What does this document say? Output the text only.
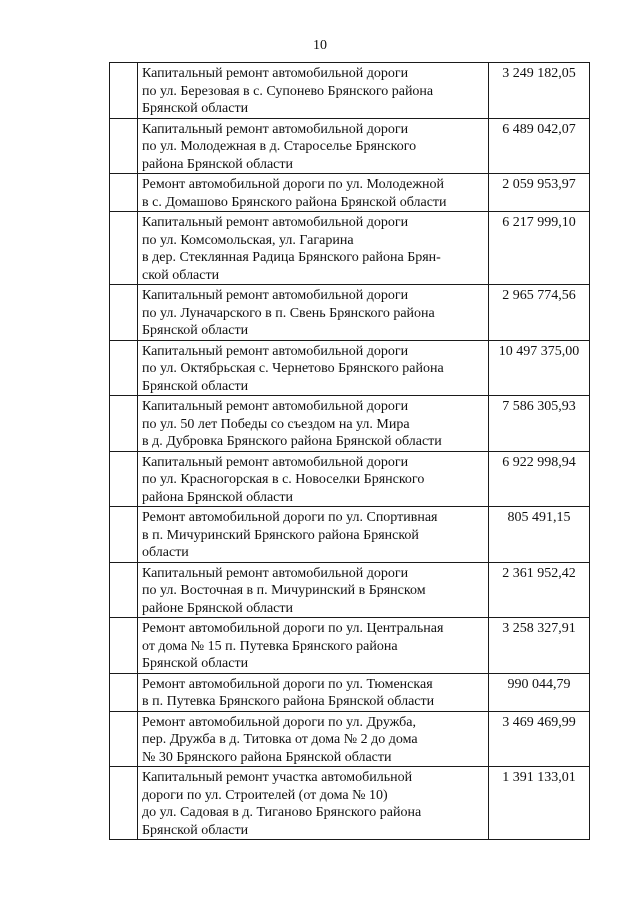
10

	Капитальный ремонт автомобильной дороги
по ул. Березовая в с. Супонево Брянского района
Брянской области	3 249 182,05

	Капитальный ремонт автомобильной дороги
по ул. Молодежная в д. Староселье Брянского
района Брянской области	6 489 042,07

	Ремонт автомобильной дороги по ул. Молодежной
в с. Домашово Брянского района Брянской области	2 059 953,97

	Капитальный ремонт автомобильной дороги
по ул. Комсомольская, ул. Гагарина
в дер. Стеклянная Радица Брянского района Брян-
ской области	6 217 999,10

	Капитальный ремонт автомобильной дороги
по ул. Луначарского в п. Свень Брянского района
Брянской области	2 965 774,56

	Капитальный ремонт автомобильной дороги
по ул. Октябрьская с. Чернетово Брянского района
Брянской области	10 497 375,00

	Капитальный ремонт автомобильной дороги
по ул. 50 лет Победы со съездом на ул. Мира
в д. Дубровка Брянского района Брянской области	7 586 305,93

	Капитальный ремонт автомобильной дороги
по ул. Красногорская в с. Новоселки Брянского
района Брянской области	6 922 998,94

	Ремонт автомобильной дороги по ул. Спортивная
в п. Мичуринский Брянского района Брянской
области	805 491,15

	Капитальный ремонт автомобильной дороги
по ул. Восточная в п. Мичуринский в Брянском
районе Брянской области	2 361 952,42

	Ремонт автомобильной дороги по ул. Центральная
от дома № 15 п. Путевка Брянского района
Брянской области	3 258 327,91

	Ремонт автомобильной дороги по ул. Тюменская
в п. Путевка Брянского района Брянской области	990 044,79

	Ремонт автомобильной дороги по ул. Дружба,
пер. Дружба в д. Титовка от дома № 2 до дома
№ 30 Брянского района Брянской области	3 469 469,99

	Капитальный ремонт участка автомобильной
дороги по ул. Строителей (от дома № 10)
до ул. Садовая в д. Тиганово Брянского района
Брянской области	1 391 133,01
